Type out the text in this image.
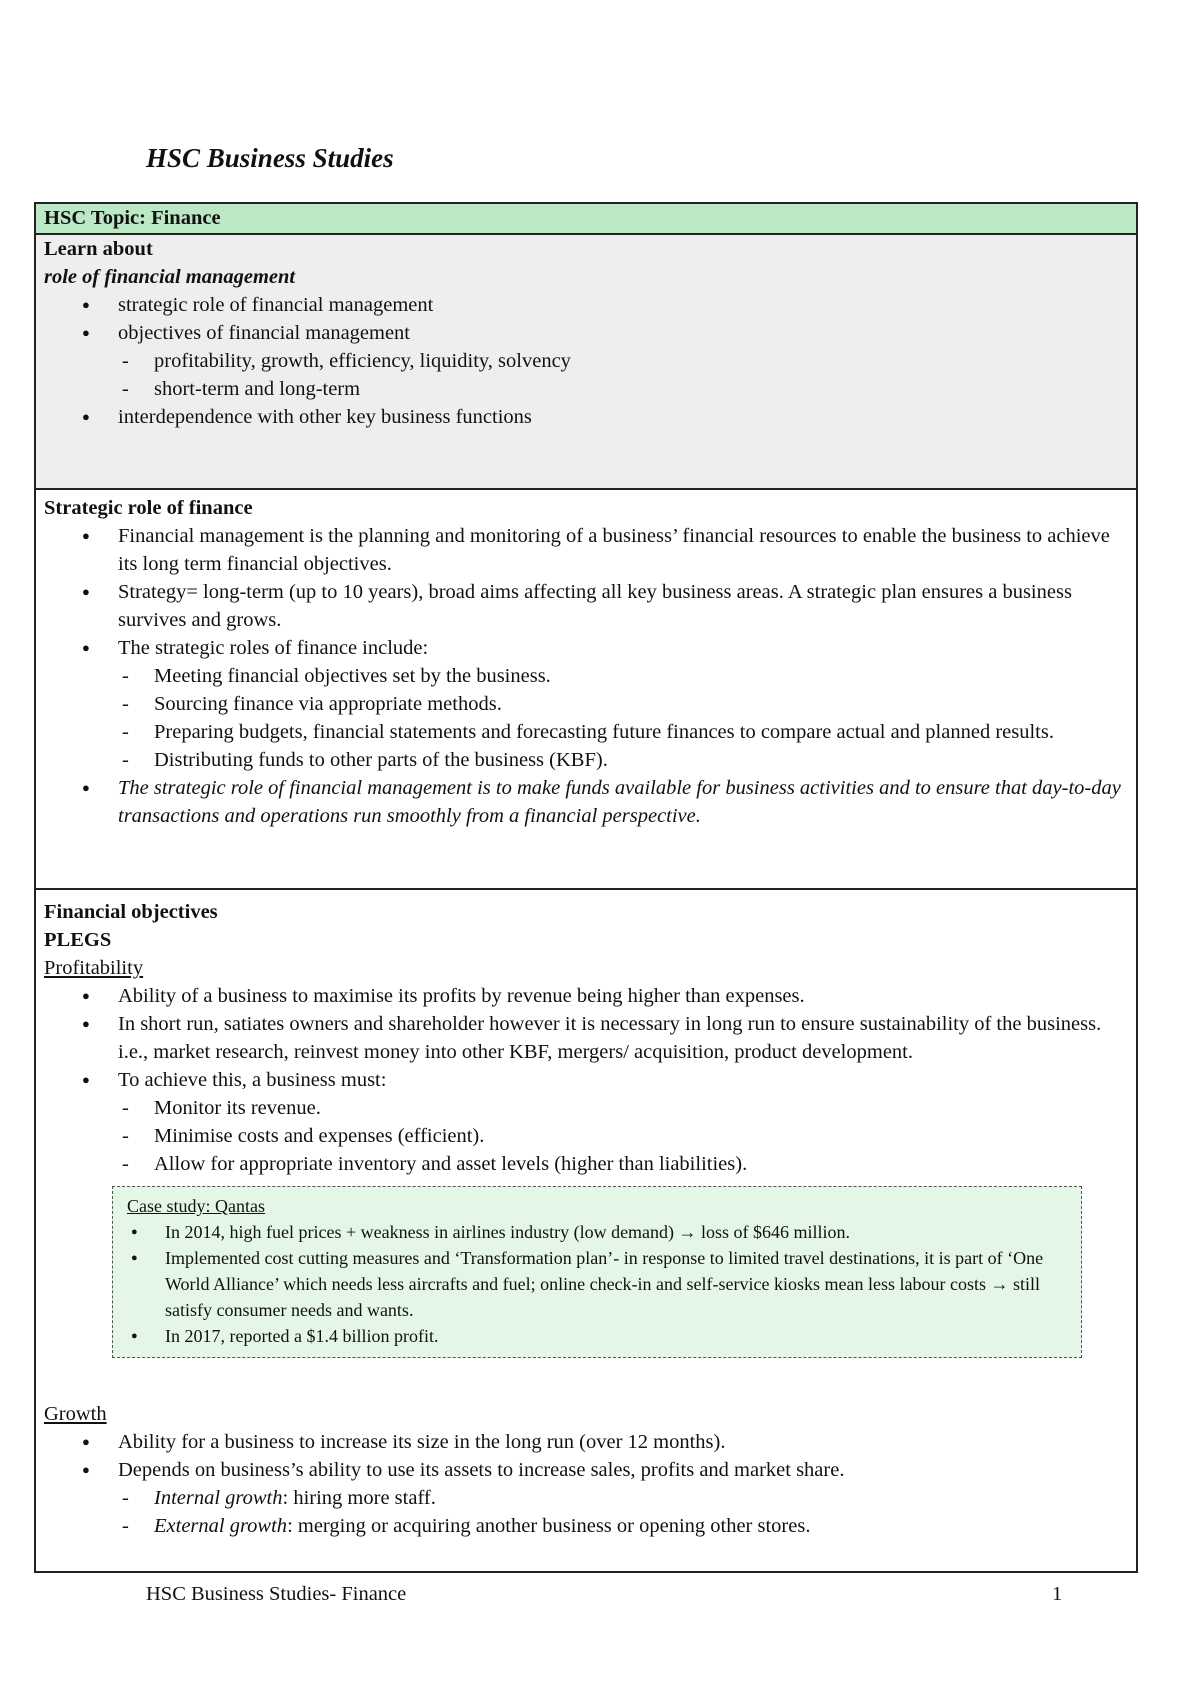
HSC Business Studies
HSC Topic: Finance
Learn about
role of financial management
● strategic role of financial management
● objectives of financial management
- profitability, growth, efficiency, liquidity, solvency
- short-term and long-term
● interdependence with other key business functions
Strategic role of finance
● Financial management is the planning and monitoring of a business’ financial resources to enable the business to achieve its long term financial objectives.
● Strategy= long-term (up to 10 years), broad aims affecting all key business areas. A strategic plan ensures a business survives and grows.
● The strategic roles of finance include:
- Meeting financial objectives set by the business.
- Sourcing finance via appropriate methods.
- Preparing budgets, financial statements and forecasting future finances to compare actual and planned results.
- Distributing funds to other parts of the business (KBF).
● The strategic role of financial management is to make funds available for business activities and to ensure that day-to-day transactions and operations run smoothly from a financial perspective.
Financial objectives
PLEGS
Profitability
● Ability of a business to maximise its profits by revenue being higher than expenses.
● In short run, satiates owners and shareholder however it is necessary in long run to ensure sustainability of the business. i.e., market research, reinvest money into other KBF, mergers/ acquisition, product development.
● To achieve this, a business must:
- Monitor its revenue.
- Minimise costs and expenses (efficient).
- Allow for appropriate inventory and asset levels (higher than liabilities).
Case study: Qantas
● In 2014, high fuel prices + weakness in airlines industry (low demand) → loss of $646 million.
● Implemented cost cutting measures and ‘Transformation plan’- in response to limited travel destinations, it is part of ‘One World Alliance’ which needs less aircrafts and fuel; online check-in and self-service kiosks mean less labour costs → still satisfy consumer needs and wants.
● In 2017, reported a $1.4 billion profit.
Growth
● Ability for a business to increase its size in the long run (over 12 months).
● Depends on business’s ability to use its assets to increase sales, profits and market share.
- Internal growth: hiring more staff.
- External growth: merging or acquiring another business or opening other stores.
HSC Business Studies- Finance	1
